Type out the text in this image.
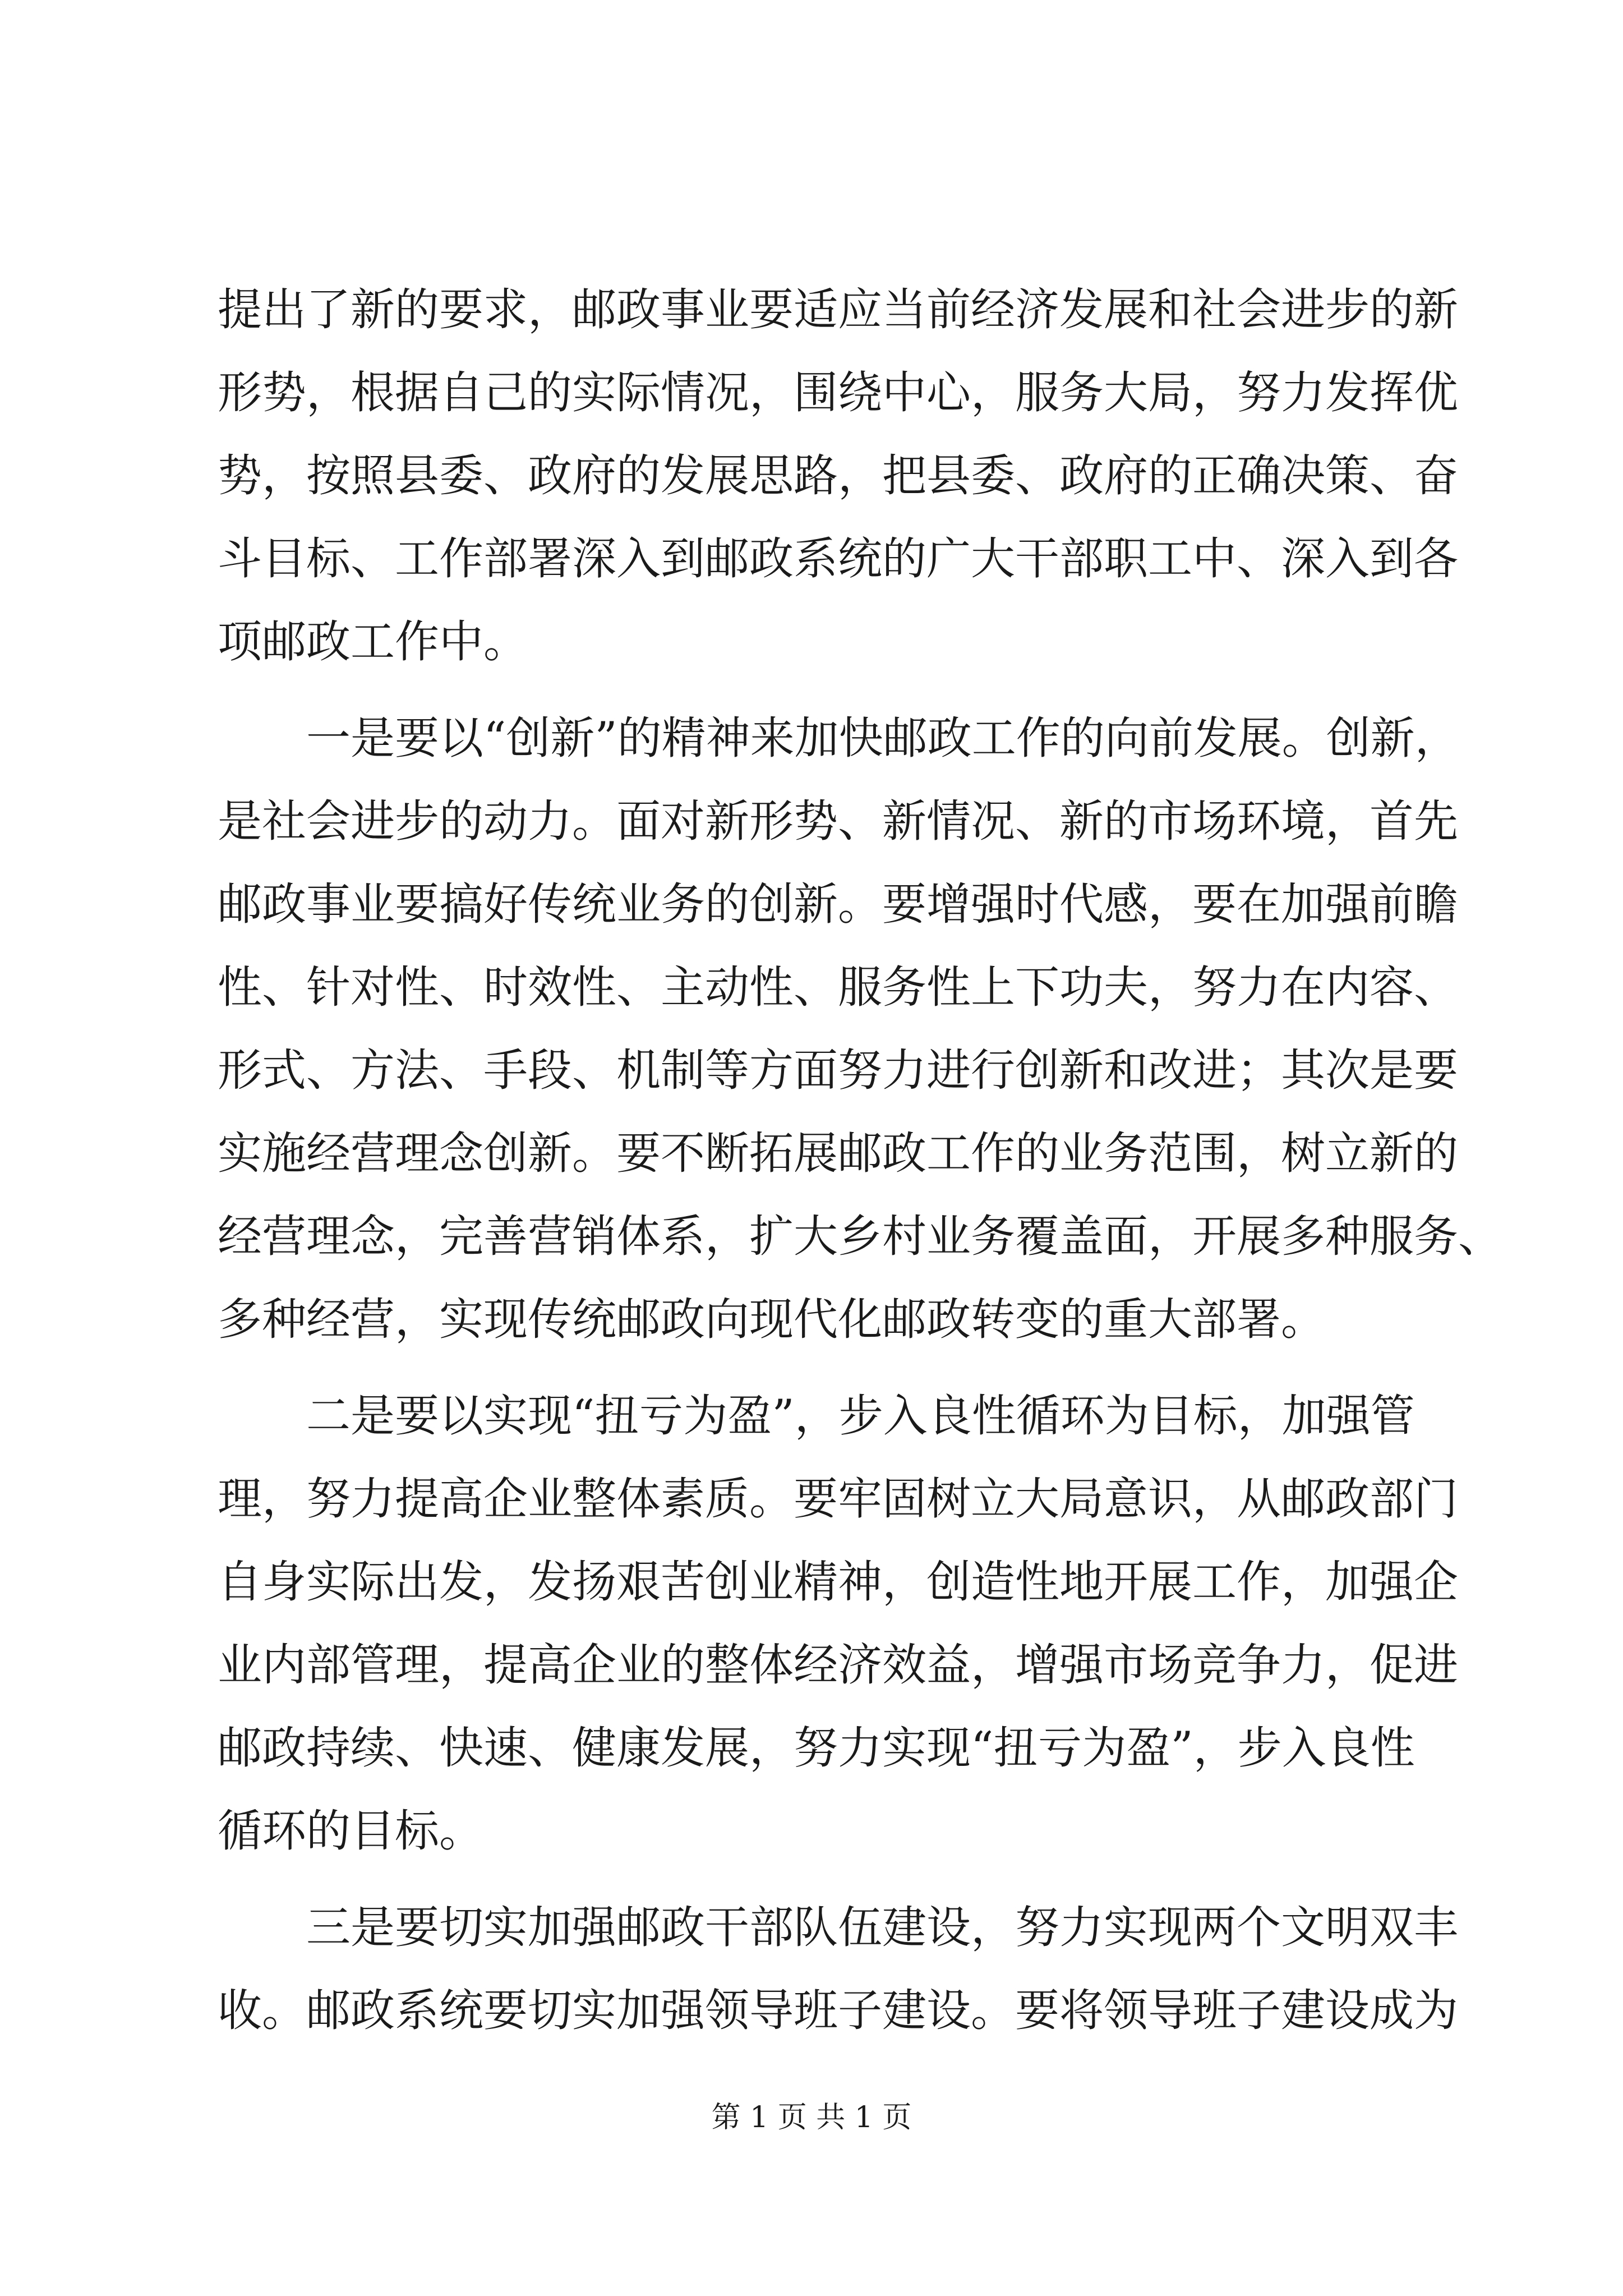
提出了新的要求，邮政事业要适应当前经济发展和社会进步的新
形势，根据自己的实际情况，围绕中心，服务大局，努力发挥优
势，按照县委、政府的发展思路，把县委、政府的正确决策、奋
斗目标、工作部署深入到邮政系统的广大干部职工中、深入到各
项邮政工作中。
一是要以“创新”的精神来加快邮政工作的向前发展。创新，
是社会进步的动力。面对新形势、新情况、新的市场环境，首先
邮政事业要搞好传统业务的创新。要增强时代感，要在加强前瞻
性、针对性、时效性、主动性、服务性上下功夫，努力在内容、
形式、方法、手段、机制等方面努力进行创新和改进；其次是要
实施经营理念创新。要不断拓展邮政工作的业务范围，树立新的
经营理念，完善营销体系，扩大乡村业务覆盖面，开展多种服务、
多种经营，实现传统邮政向现代化邮政转变的重大部署。
二是要以实现“扭亏为盈”，步入良性循环为目标，加强管
理，努力提高企业整体素质。要牢固树立大局意识，从邮政部门
自身实际出发，发扬艰苦创业精神，创造性地开展工作，加强企
业内部管理，提高企业的整体经济效益，增强市场竞争力，促进
邮政持续、快速、健康发展，努力实现“扭亏为盈”，步入良性
循环的目标。
三是要切实加强邮政干部队伍建设，努力实现两个文明双丰
收。邮政系统要切实加强领导班子建设。要将领导班子建设成为
第 1 页 共 1 页
